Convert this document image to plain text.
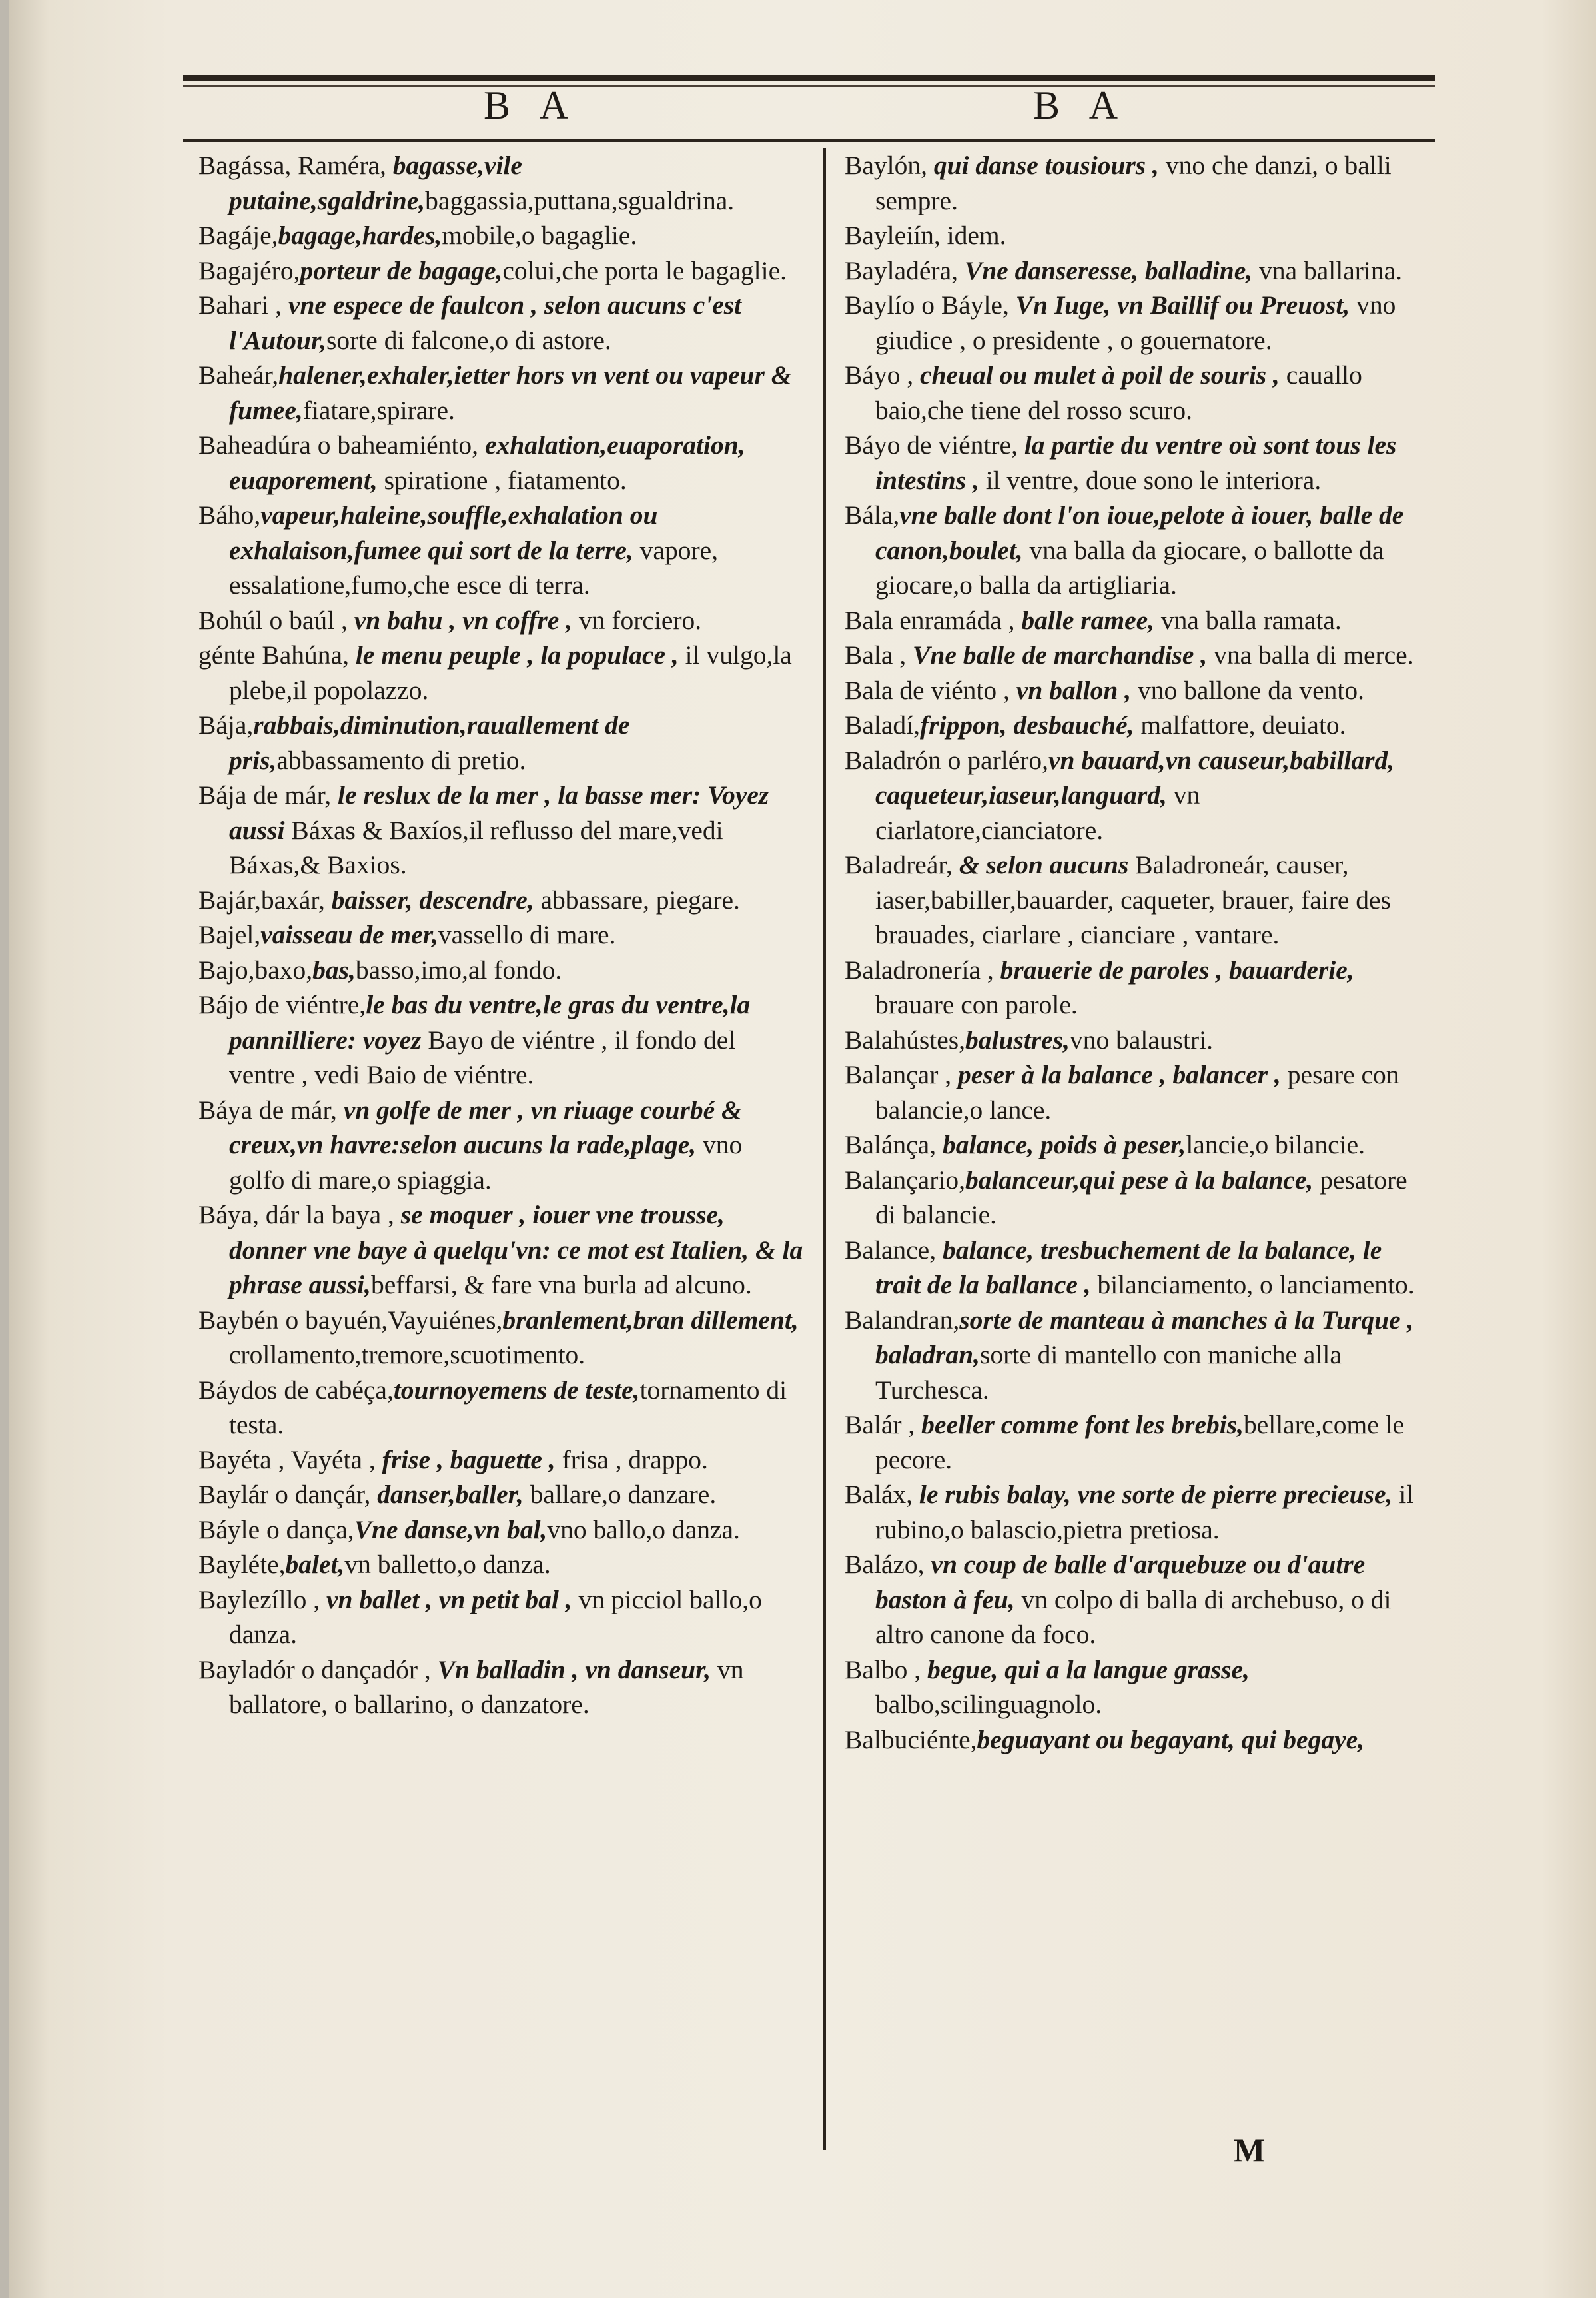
B A	B A
Bagássa, Raméra, bagasse,vile putaine,sgaldrine,baggassia,puttana,sgualdrina.
Bagáje,bagage,hardes,mobile,o bagaglie.
Bagajéro,porteur de bagage,colui,che porta le bagaglie.
Bahari , vne espece de faulcon , selon aucuns c'est l'Autour,sorte di falcone,o di astore.
Baheár,halener,exhaler,ietter hors vn vent ou vapeur & fumee,fiatare,spirare.
Baheadúra o baheamiénto, exhalation,euaporation, euaporement, spiratione , fiatamento.
Báho,vapeur,haleine,souffle,exhalation ou exhalaison,fumee qui sort de la terre, vapore, essalatione,fumo,che esce di terra.
Bohúl o baúl , vn bahu , vn coffre , vn forciero.
génte Bahúna, le menu peuple , la populace , il vulgo,la plebe,il popolazzo.
Bája,rabbais,diminution,rauallement de pris,abbassamento di pretio.
Bája de már, le reslux de la mer , la basse mer: Voyez aussi Báxas & Baxíos,il reflusso del mare,vedi Báxas,& Baxios.
Bajár,baxár, baisser, descendre, abbassare, piegare.
Bajel,vaisseau de mer,vassello di mare.
Bajo,baxo,bas,basso,imo,al fondo.
Bájo de viéntre,le bas du ventre,le gras du ventre,la pannilliere: voyez Bayo de viéntre , il fondo del ventre , vedi Baio de viéntre.
Báya de már, vn golfe de mer , vn riuage courbé & creux,vn havre:selon aucuns la rade,plage, vno golfo di mare,o spiaggia.
Báya, dár la baya , se moquer , iouer vne trousse, donner vne baye à quelqu'vn: ce mot est Italien, & la phrase aussi,beffarsi, & fare vna burla ad alcuno.
Baybén o bayuén,Vayuiénes,branlement,bran dillement, crollamento,tremore,scuotimento.
Báydos de cabéça,tournoyemens de teste,tornamento di testa.
Bayéta , Vayéta , frise , baguette , frisa , drappo.
Baylár o dançár, danser,baller, ballare,o danzare.
Báyle o dança,Vne danse,vn bal,vno ballo,o danza.
Bayléte,balet,vn balletto,o danza.
Baylezíllo , vn ballet , vn petit bal , vn picciol ballo,o danza.
Bayladór o dançadór , Vn balladin , vn danseur, vn ballatore, o ballarino, o danzatore.
Baylón, qui danse tousiours , vno che danzi, o balli sempre.
Bayleiín, idem.
Bayladéra, Vne danseresse, balladine, vna ballarina.
Baylío o Báyle, Vn Iuge, vn Baillif ou Preuost, vno giudice , o presidente , o gouernatore.
Báyo , cheual ou mulet à poil de souris , cauallo baio,che tiene del rosso scuro.
Báyo de viéntre, la partie du ventre où sont tous les intestins , il ventre, doue sono le interiora.
Bála,vne balle dont l'on ioue,pelote à iouer, balle de canon,boulet, vna balla da giocare, o ballotte da giocare,o balla da artigliaria.
Bala enramáda , balle ramee, vna balla ramata.
Bala , Vne balle de marchandise , vna balla di merce.
Bala de viénto , vn ballon , vno ballone da vento.
Baladí,frippon, desbauché, malfattore, deuiato.
Baladrón o parléro,vn bauard,vn causeur,babillard, caqueteur,iaseur,languard, vn ciarlatore,cianciatore.
Baladreár, & selon aucuns Baladroneár, causer, iaser,babiller,bauarder, caqueter, brauer, faire des brauades, ciarlare , cianciare , vantare.
Baladronería , brauerie de paroles , bauarderie, brauare con parole.
Balahústes,balustres,vno balaustri.
Balançar , peser à la balance , balancer , pesare con balancie,o lance.
Balánça, balance, poids à peser,lancie,o bilancie.
Balançario,balanceur,qui pese à la balance, pesatore di balancie.
Balance, balance, tresbuchement de la balance, le trait de la ballance , bilanciamento, o lanciamento.
Balandran,sorte de manteau à manches à la Turque , baladran,sorte di mantello con maniche alla Turchesca.
Balár , beeller comme font les brebis,bellare,come le pecore.
Baláx, le rubis balay, vne sorte de pierre precieuse, il rubino,o balascio,pietra pretiosa.
Balázo, vn coup de balle d'arquebuze ou d'autre baston à feu, vn colpo di balla di archebuso, o di altro canone da foco.
Balbo , begue, qui a la langue grasse, balbo,scilinguagnolo.
Balbuciénte,beguayant ou begayant, qui begaye,
M
